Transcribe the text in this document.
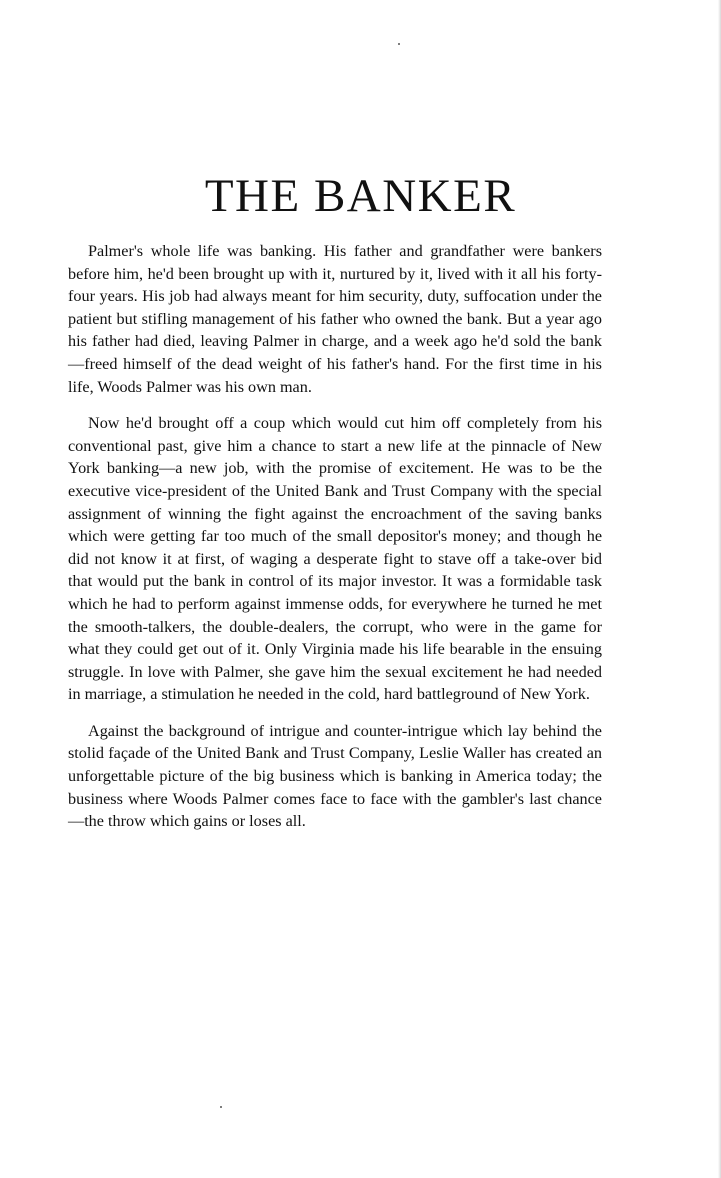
THE BANKER

Palmer's whole life was banking. His father and grandfather were bankers before him, he'd been brought up with it, nurtured by it, lived with it all his forty-four years. His job had always meant for him security, duty, suffocation under the patient but stifling management of his father who owned the bank. But a year ago his father had died, leaving Palmer in charge, and a week ago he'd sold the bank—freed himself of the dead weight of his father's hand. For the first time in his life, Woods Palmer was his own man.

Now he'd brought off a coup which would cut him off completely from his conventional past, give him a chance to start a new life at the pinnacle of New York banking—a new job, with the promise of excitement. He was to be the executive vice-president of the United Bank and Trust Company with the special assignment of winning the fight against the encroachment of the saving banks which were getting far too much of the small depositor's money; and though he did not know it at first, of waging a desperate fight to stave off a take-over bid that would put the bank in control of its major investor. It was a formidable task which he had to perform against immense odds, for everywhere he turned he met the smooth-talkers, the double-dealers, the corrupt, who were in the game for what they could get out of it. Only Virginia made his life bearable in the ensuing struggle. In love with Palmer, she gave him the sexual excitement he had needed in marriage, a stimulation he needed in the cold, hard battleground of New York.

Against the background of intrigue and counter-intrigue which lay behind the stolid façade of the United Bank and Trust Company, Leslie Waller has created an unforgettable picture of the big business which is banking in America today; the business where Woods Palmer comes face to face with the gambler's last chance—the throw which gains or loses all.
